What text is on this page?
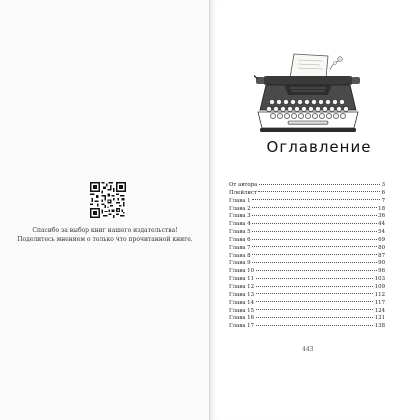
Спасибо за выбор книг нашего издательства!
Поделитесь мнением о только что прочитанной книге.
Оглавление
От автора	3
Плейлист	6
Глава 1	7
Глава 2	18
Глава 3	36
Глава 4	44
Глава 5	54
Глава 6	69
Глава 7	80
Глава 8	87
Глава 9	90
Глава 10	96
Глава 11	103
Глава 12	109
Глава 13	112
Глава 14	117
Глава 15	124
Глава 16	131
Глава 17	138
443
